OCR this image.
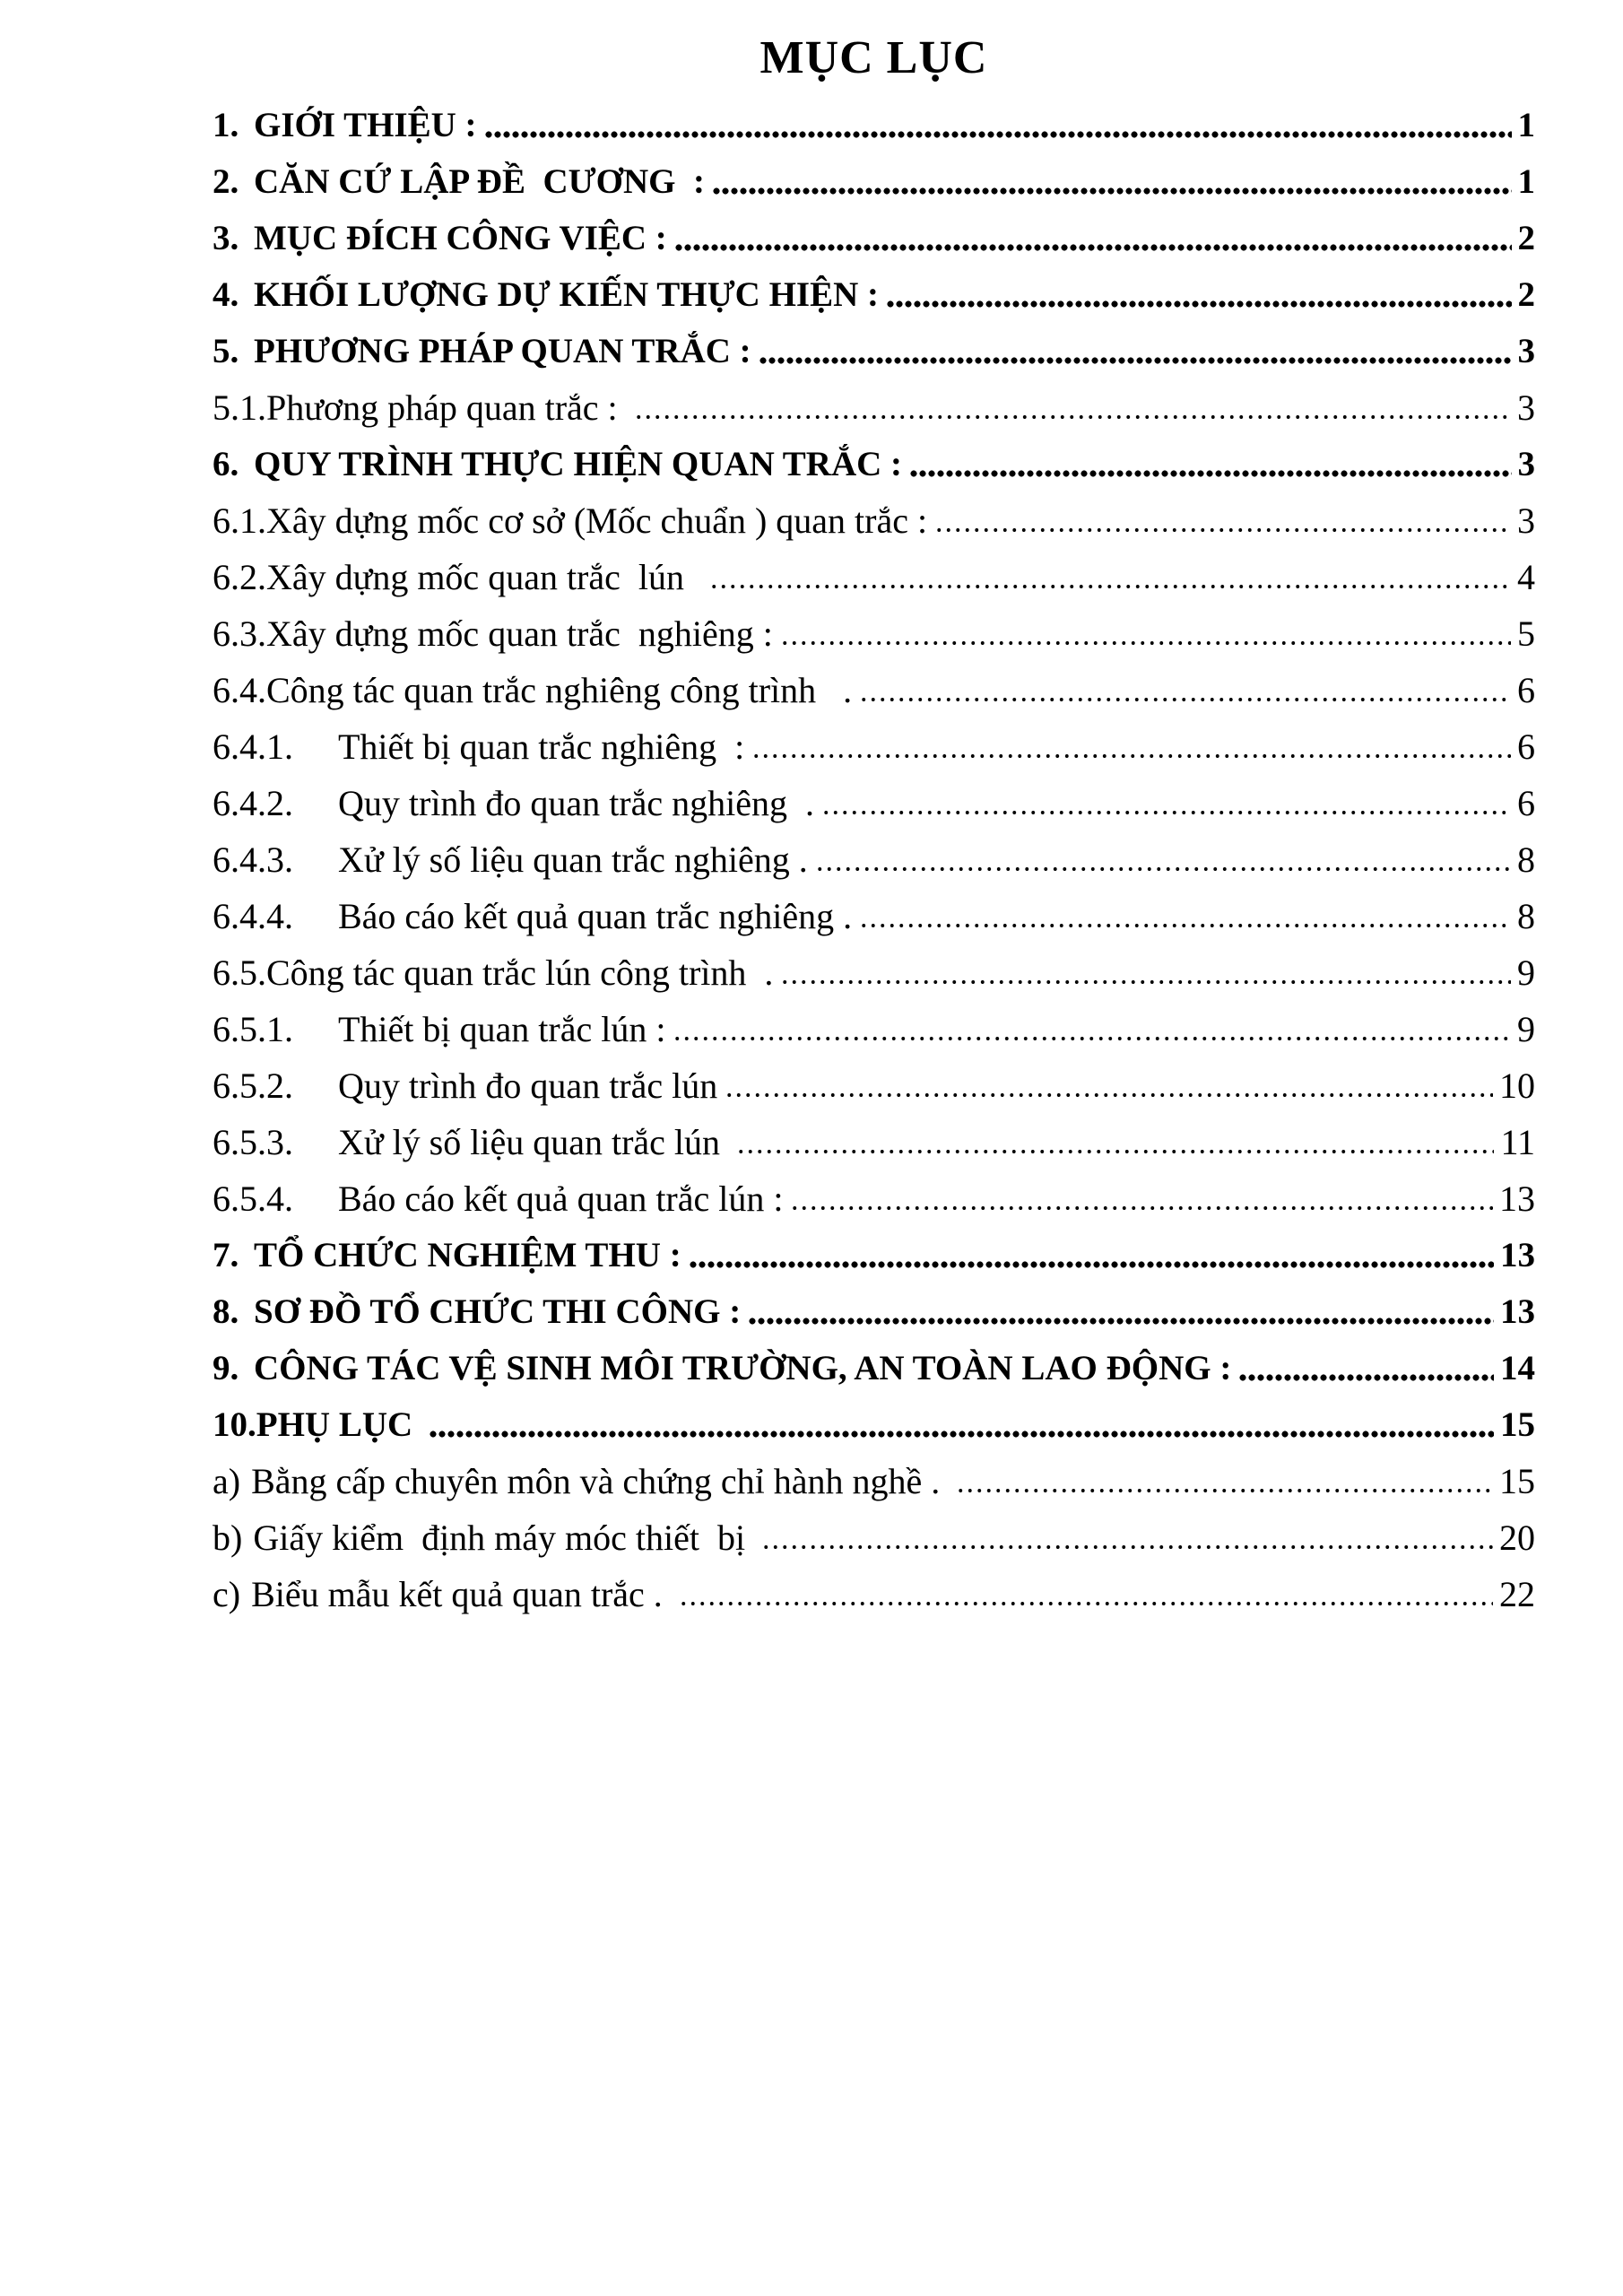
MỤC LỤC
1. GIỚI THIỆU :	1
2. CĂN CỨ LẬP ĐỀ  CƯƠNG  :	1
3. MỤC ĐÍCH CÔNG VIỆC :	2
4. KHỐI LƯỢNG DỰ KIẾN THỰC HIỆN :	2
5. PHƯƠNG PHÁP QUAN TRẮC :	3
5.1. Phương pháp quan trắc :	3
6. QUY TRÌNH THỰC HIỆN QUAN TRẮC :	3
6.1. Xây dựng mốc cơ sở (Mốc chuẩn ) quan trắc :	3
6.2. Xây dựng mốc quan trắc  lún	4
6.3. Xây dựng mốc quan trắc  nghiêng :	5
6.4. Công tác quan trắc nghiêng công trình   .	6
6.4.1.	Thiết bị quan trắc nghiêng  :	6
6.4.2.	Quy trình đo quan trắc nghiêng  .	6
6.4.3.	Xử lý số liệu quan trắc nghiêng .	8
6.4.4.	Báo cáo kết quả quan trắc nghiêng .	8
6.5. Công tác quan trắc lún công trình  .	9
6.5.1.	Thiết bị quan trắc lún :	9
6.5.2.	Quy trình đo quan trắc lún	10
6.5.3.	Xử lý số liệu quan trắc lún	11
6.5.4.	Báo cáo kết quả quan trắc lún :	13
7. TỔ CHỨC NGHIỆM THU :	13
8. SƠ ĐỒ TỔ CHỨC THI CÔNG :	13
9. CÔNG TÁC VỆ SINH MÔI TRƯỜNG, AN TOÀN LAO ĐỘNG :	14
10. PHỤ LỤC	15
a) Bằng cấp chuyên môn và chứng chỉ hành nghề .	15
b) Giấy kiểm  định máy móc thiết  bị	20
c) Biểu mẫu kết quả quan trắc .	22
